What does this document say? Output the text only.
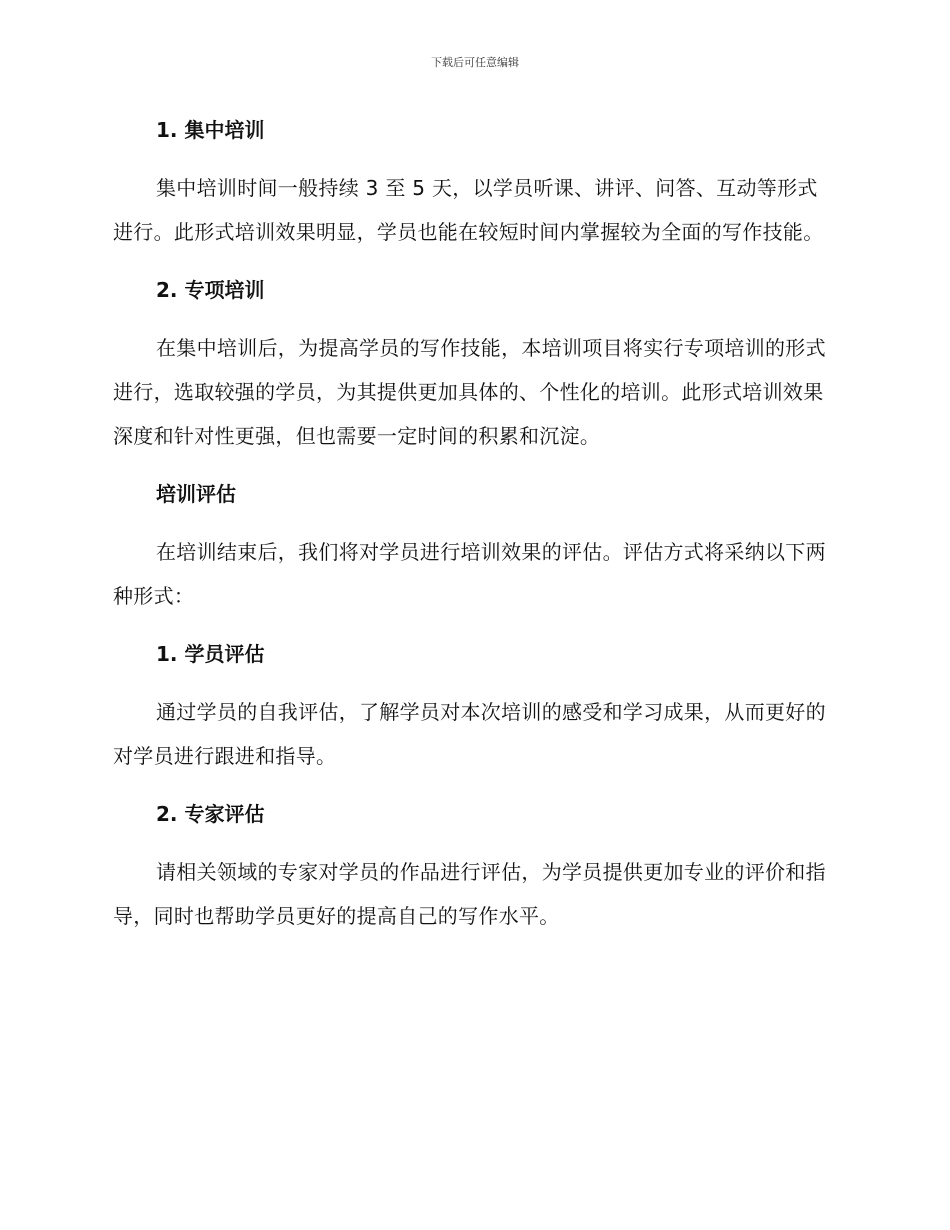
下载后可任意编辑
1. 集中培训
集中培训时间一般持续 3 至 5 天，以学员听课、讲评、问答、互动等形式进行。此形式培训效果明显，学员也能在较短时间内掌握较为全面的写作技能。
2. 专项培训
在集中培训后，为提高学员的写作技能，本培训项目将实行专项培训的形式进行，选取较强的学员，为其提供更加具体的、个性化的培训。此形式培训效果深度和针对性更强，但也需要一定时间的积累和沉淀。
培训评估
在培训结束后，我们将对学员进行培训效果的评估。评估方式将采纳以下两种形式：
1. 学员评估
通过学员的自我评估，了解学员对本次培训的感受和学习成果，从而更好的对学员进行跟进和指导。
2. 专家评估
请相关领域的专家对学员的作品进行评估，为学员提供更加专业的评价和指导，同时也帮助学员更好的提高自己的写作水平。
